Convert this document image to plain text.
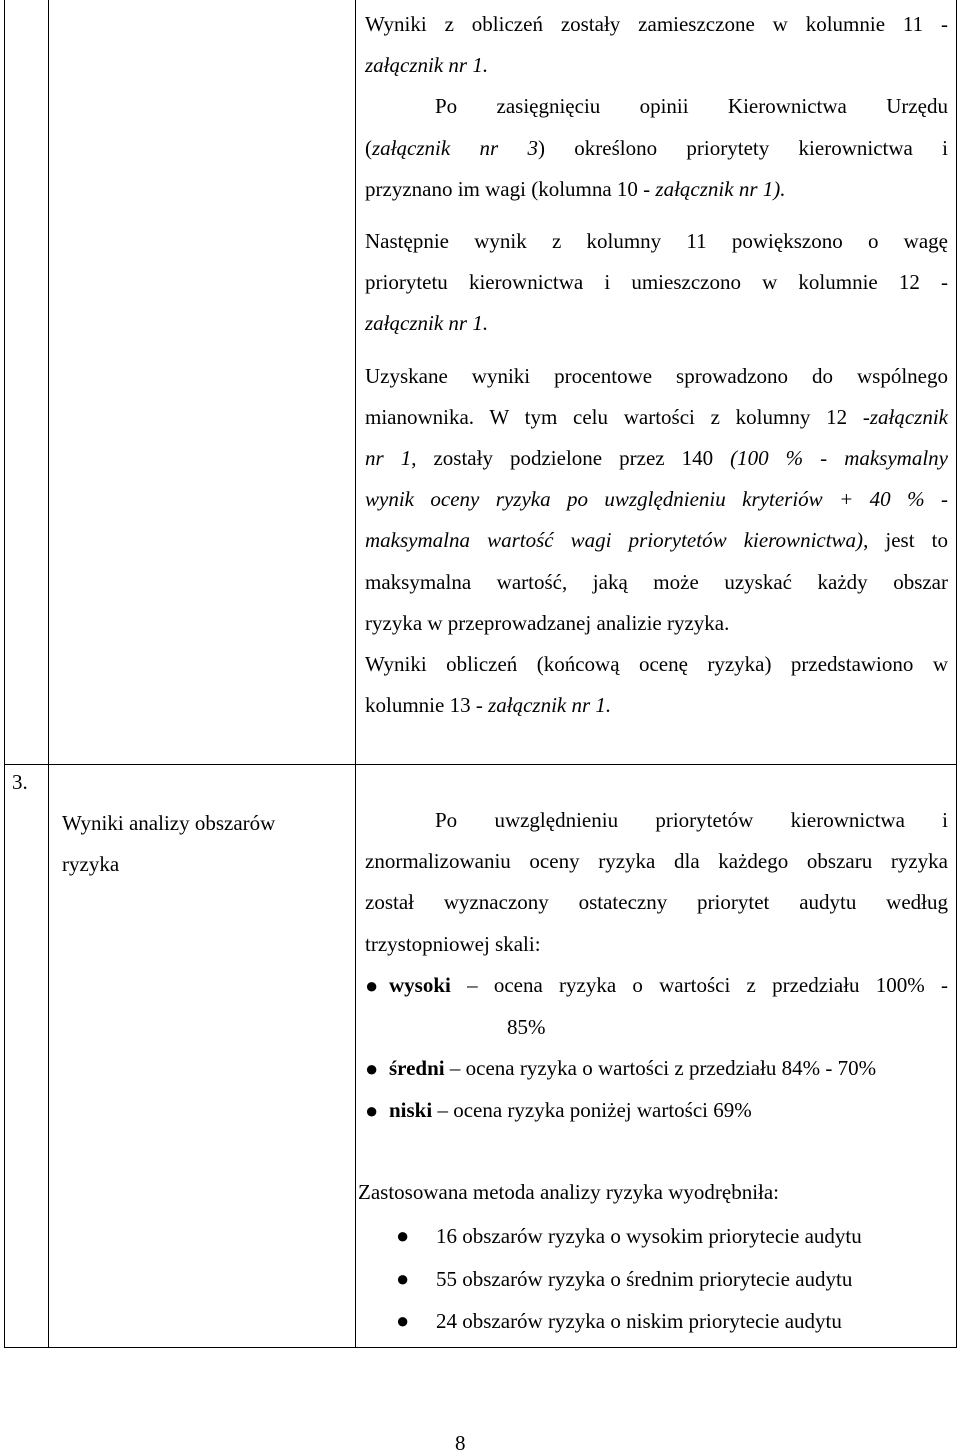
Wyniki z obliczeń zostały zamieszczone w kolumnie 11 -

załącznik nr 1.

Po zasięgnięciu opinii Kierownictwa Urzędu

(załącznik nr 3) określono priorytety kierownictwa i

przyznano im wagi (kolumna 10 - załącznik nr 1).

Następnie wynik z kolumny 11 powiększono o wagę

priorytetu kierownictwa i umieszczono w kolumnie 12 -

załącznik nr 1.

Uzyskane wyniki procentowe sprowadzono do wspólnego

mianownika. W tym celu wartości z kolumny 12 -załącznik

nr 1, zostały podzielone przez 140 (100 % - maksymalny

wynik oceny ryzyka po uwzględnieniu kryteriów + 40 % -

maksymalna wartość wagi priorytetów kierownictwa), jest to

maksymalna wartość, jaką może uzyskać każdy obszar

ryzyka w przeprowadzanej analizie ryzyka.

Wyniki obliczeń (końcową ocenę ryzyka) przedstawiono w

kolumnie 13 - załącznik nr 1.

3.

Wyniki analizy obszarów

ryzyka

Po uwzględnieniu priorytetów kierownictwa i

znormalizowaniu oceny ryzyka dla każdego obszaru ryzyka

został wyznaczony ostateczny priorytet audytu według

trzystopniowej skali:

● wysoki – ocena ryzyka o wartości z przedziału 100% -

85%

● średni – ocena ryzyka o wartości z przedziału 84% - 70%

● niski – ocena ryzyka poniżej wartości 69%

Zastosowana metoda analizy ryzyka wyodrębniła:
● 16 obszarów ryzyka o wysokim priorytecie audytu
● 55 obszarów ryzyka o średnim priorytecie audytu
● 24 obszarów ryzyka o niskim priorytecie audytu
8
